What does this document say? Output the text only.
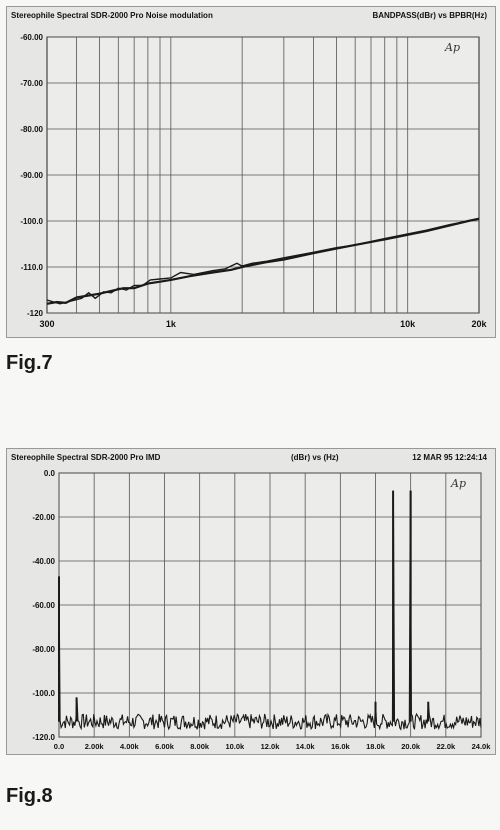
Stereophile Spectral SDR-2000 Pro Noise modulation	BANDPASS(dBr) vs BPBR(Hz)
-60.00
-70.00
-80.00
-90.00
-100.0
-110.0
-120
300	1k	10k	20k
Ap
Fig.7
Stereophile Spectral SDR-2000 Pro IMD	(dBr) vs (Hz)	12 MAR 95 12:24:14
0.0
-20.00
-40.00
-60.00
-80.00
-100.0
-120.0
0.0	2.00k 4.00k 6.00k 8.00k 10.0k 12.0k 14.0k 16.0k 18.0k 20.0k 22.0k 24.0k
Ap
Fig.8
